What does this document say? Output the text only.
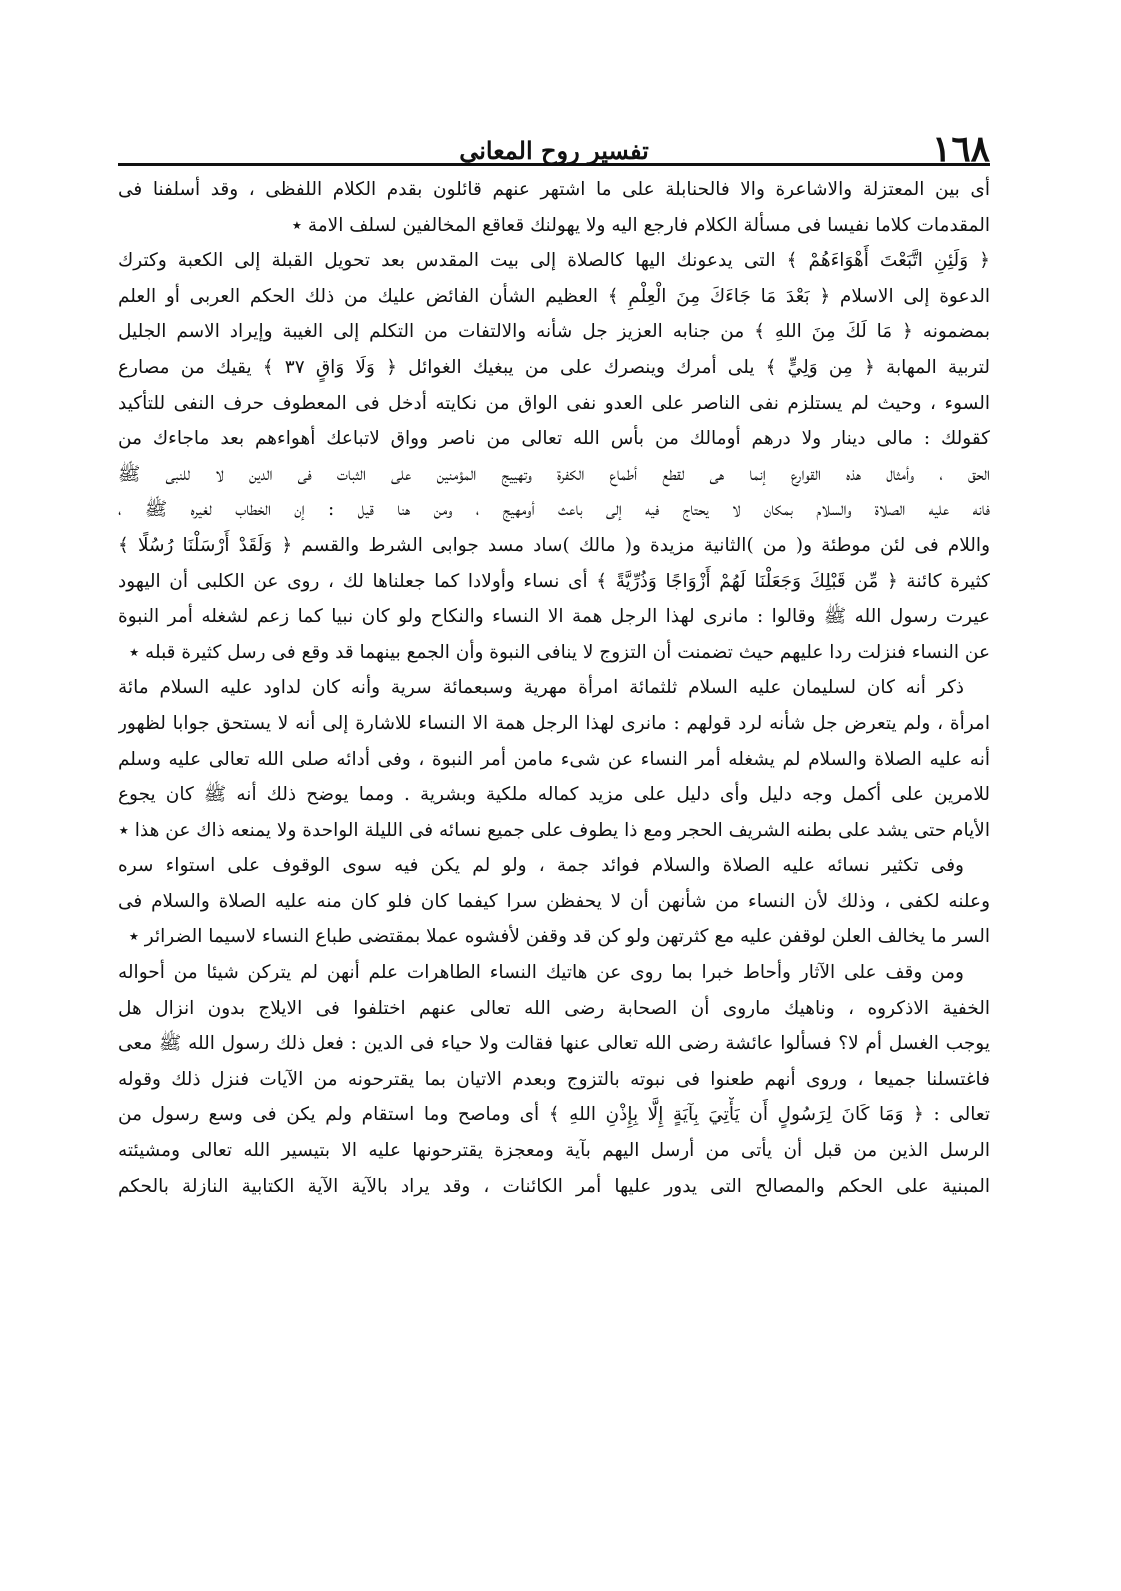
١٦٨
تفسير روح المعاني
أى بين المعتزلة والاشاعرة والا فالحنابلة على ما اشتهر عنهم قائلون بقدم الكلام اللفظى ، وقد أسلفنا فى
المقدمات كلاما نفيسا فى مسألة الكلام فارجع اليه ولا يهولنك قعاقع المخالفين لسلف الامة ٭
﴿ وَلَئِنِ اتَّبَعْتَ أَهْوَاءَهُمْ ﴾ التى يدعونك اليها كالصلاة إلى بيت المقدس بعد تحويل القبلة إلى الكعبة وكترك
الدعوة إلى الاسلام ﴿ بَعْدَ مَا جَاءَكَ مِنَ الْعِلْمِ ﴾ العظيم الشأن الفائض عليك من ذلك الحكم العربى أو العلم
بمضمونه ﴿ مَا لَكَ مِنَ اللهِ ﴾ من جنابه العزيز جل شأنه والالتفات من التكلم إلى الغيبة وإيراد الاسم الجليل
لتربية المهابة ﴿ مِن وَلِيٍّ ﴾ يلى أمرك وينصرك على من يبغيك الغوائل ﴿ وَلَا وَاقٍ ٣٧ ﴾ يقيك من مصارع
السوء ، وحيث لم يستلزم نفى الناصر على العدو نفى الواق من نكايته أدخل فى المعطوف حرف النفى للتأكيد
كقولك : مالى دينار ولا درهم أومالك من بأس الله تعالى من ناصر وواق لاتباعك أهواءهم بعد ماجاءك من
الحق ، وأمثال هذه القوارع إنما هى لقطع أطماع الكفرة وتهييج المؤمنين على الثبات فى الدين لا للنبى ﷺ
فانه عليه الصلاة والسلام بمكان لا يحتاج فيه إلى باعث أومهيج ، ومن هنا قيل : إن الخطاب لغيره ﷺ ،
واللام فى لئن موطئة و( من )الثانية مزيدة و( مالك )ساد مسد جوابى الشرط والقسم ﴿ وَلَقَدْ أَرْسَلْنَا رُسُلًا ﴾
كثيرة كائنة ﴿ مِّن قَبْلِكَ وَجَعَلْنَا لَهُمْ أَزْوَاجًا وَذُرِّيَّةً ﴾ أى نساء وأولادا كما جعلناها لك ، روى عن الكلبى أن اليهود
عيرت رسول الله ﷺ وقالوا : مانرى لهذا الرجل همة الا النساء والنكاح ولو كان نبيا كما زعم لشغله أمر النبوة
عن النساء فنزلت ردا عليهم حيث تضمنت أن التزوج لا ينافى النبوة وأن الجمع بينهما قد وقع فى رسل كثيرة قبله ٭
ذكر أنه كان لسليمان عليه السلام ثلثمائة امرأة مهرية وسبعمائة سرية وأنه كان لداود عليه السلام مائة
امرأة ، ولم يتعرض جل شأنه لرد قولهم : مانرى لهذا الرجل همة الا النساء للاشارة إلى أنه لا يستحق جوابا لظهور
أنه عليه الصلاة والسلام لم يشغله أمر النساء عن شىء مامن أمر النبوة ، وفى أدائه صلى الله تعالى عليه وسلم
للامرين على أكمل وجه دليل وأى دليل على مزيد كماله ملكية وبشرية . ومما يوضح ذلك أنه ﷺ كان يجوع
الأيام حتى يشد على بطنه الشريف الحجر ومع ذا يطوف على جميع نسائه فى الليلة الواحدة ولا يمنعه ذاك عن هذا ٭
وفى تكثير نسائه عليه الصلاة والسلام فوائد جمة ، ولو لم يكن فيه سوى الوقوف على استواء سره
وعلنه لكفى ، وذلك لأن النساء من شأنهن أن لا يحفظن سرا كيفما كان فلو كان منه عليه الصلاة والسلام فى
السر ما يخالف العلن لوقفن عليه مع كثرتهن ولو كن قد وقفن لأفشوه عملا بمقتضى طباع النساء لاسيما الضرائر ٭
ومن وقف على الآثار وأحاط خبرا بما روى عن هاتيك النساء الطاهرات علم أنهن لم يتركن شيئا من أحواله
الخفية الاذكروه ، وناهيك ماروى أن الصحابة رضى الله تعالى عنهم اختلفوا فى الايلاج بدون انزال هل
يوجب الغسل أم لا؟ فسألوا عائشة رضى الله تعالى عنها فقالت ولا حياء فى الدين : فعل ذلك رسول الله ﷺ معى
فاغتسلنا جميعا ، وروى أنهم طعنوا فى نبوته بالتزوج وبعدم الاتيان بما يقترحونه من الآيات فنزل ذلك وقوله
تعالى : ﴿ وَمَا كَانَ لِرَسُولٍ أَن يَأْتِيَ بِآيَةٍ إِلَّا بِإِذْنِ اللهِ ﴾ أى وماصح وما استقام ولم يكن فى وسع رسول من
الرسل الذين من قبل أن يأتى من أرسل اليهم بآية ومعجزة يقترحونها عليه الا بتيسير الله تعالى ومشيئته
المبنية على الحكم والمصالح التى يدور عليها أمر الكائنات ، وقد يراد بالآية الآية الكتابية النازلة بالحكم
